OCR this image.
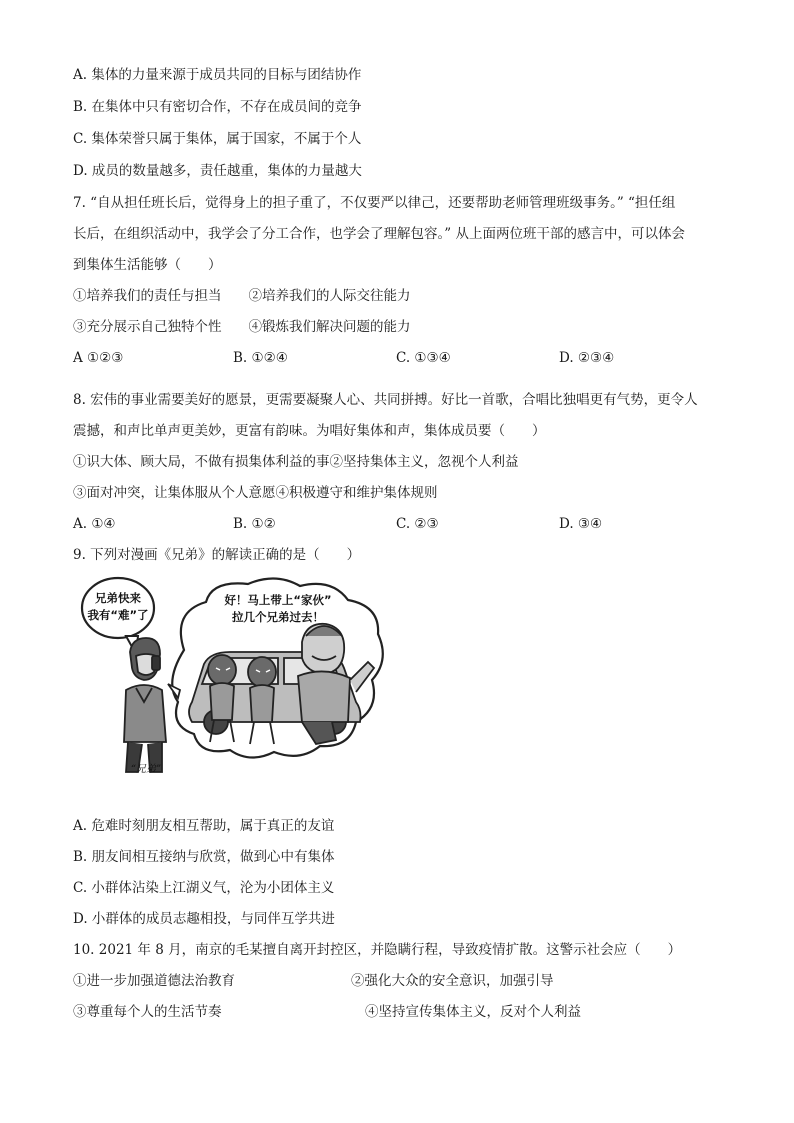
A. 集体的力量来源于成员共同的目标与团结协作
B. 在集体中只有密切合作，不存在成员间的竞争
C. 集体荣誉只属于集体，属于国家，不属于个人
D. 成员的数量越多，责任越重，集体的力量越大
7. “自从担任班长后，觉得身上的担子重了，不仅要严以律己，还要帮助老师管理班级事务。” “担任组
长后，在组织活动中，我学会了分工合作，也学会了理解包容。” 从上面两位班干部的感言中，可以体会
到集体生活能够（　　）
①培养我们的责任与担当　　②培养我们的人际交往能力
③充分展示自己独特个性　　④锻炼我们解决问题的能力
A ①②③	B. ①②④	C. ①③④	D. ②③④
8. 宏伟的事业需要美好的愿景，更需要凝聚人心、共同拼搏。好比一首歌，合唱比独唱更有气势，更令人
震撼，和声比单声更美妙，更富有韵味。为唱好集体和声，集体成员要（　　）
①识大体、顾大局，不做有损集体利益的事②坚持集体主义，忽视个人利益
③面对冲突，让集体服从个人意愿④积极遵守和维护集体规则
A. ①④	B. ①②	C. ②③	D. ③④
9. 下列对漫画《兄弟》的解读正确的是（　　）
兄弟快来
我有“难”了
好！马上带上“家伙”
拉几个兄弟过去！
“兄弟”
A. 危难时刻朋友相互帮助，属于真正的友谊
B. 朋友间相互接纳与欣赏，做到心中有集体
C. 小群体沾染上江湖义气，沦为小团体主义
D. 小群体的成员志趣相投，与同伴互学共进
10. 2021 年 8 月，南京的毛某擅自离开封控区，并隐瞒行程，导致疫情扩散。这警示社会应（　　）
①进一步加强道德法治教育	②强化大众的安全意识，加强引导
③尊重每个人的生活节奏	④坚持宣传集体主义，反对个人利益
